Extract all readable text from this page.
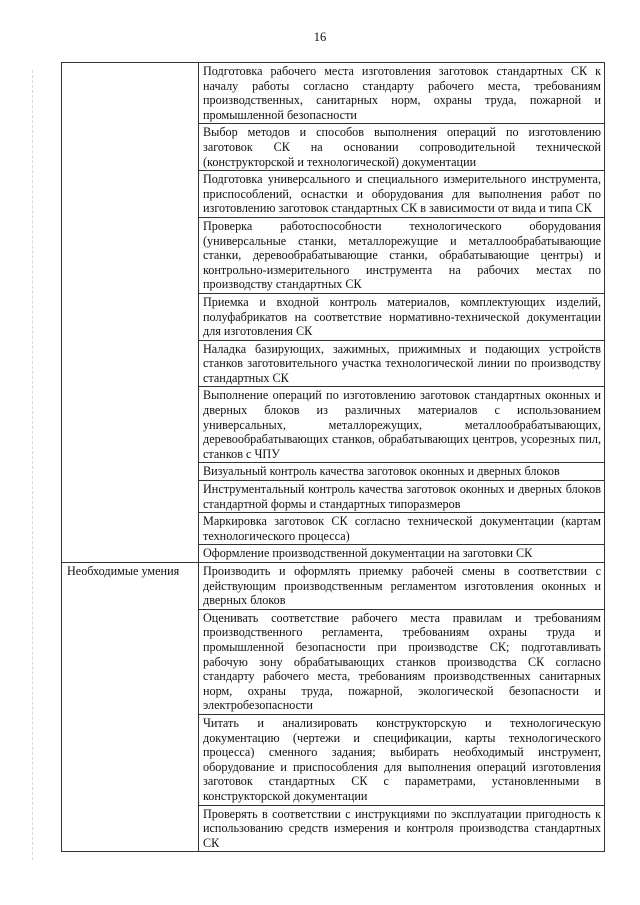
16
	Подготовка рабочего места изготовления заготовок стандартных СК к началу работы согласно стандарту рабочего места, требованиям производственных, санитарных норм, охраны труда, пожарной и промышленной безопасности
	Выбор методов и способов выполнения операций по изготовлению заготовок СК на основании сопроводительной технической (конструкторской и технологической) документации
	Подготовка универсального и специального измерительного инструмента, приспособлений, оснастки и оборудования для выполнения работ по изготовлению заготовок стандартных СК в зависимости от вида и типа СК
	Проверка работоспособности технологического оборудования (универсальные станки, металлорежущие и металлообрабатывающие станки, деревообрабатывающие станки, обрабатывающие центры) и контрольно-измерительного инструмента на рабочих местах по производству стандартных СК
	Приемка и входной контроль материалов, комплектующих изделий, полуфабрикатов на соответствие нормативно-технической документации для изготовления СК
	Наладка базирующих, зажимных, прижимных и подающих устройств станков заготовительного участка технологической линии по производству стандартных СК
	Выполнение операций по изготовлению заготовок стандартных оконных и дверных блоков из различных материалов с использованием универсальных, металлорежущих, металлообрабатывающих, деревообрабатывающих станков, обрабатывающих центров, усорезных пил, станков с ЧПУ
	Визуальный контроль качества заготовок оконных и дверных блоков
	Инструментальный контроль качества заготовок оконных и дверных блоков стандартной формы и стандартных типоразмеров
	Маркировка заготовок СК согласно технической документации (картам технологического процесса)
	Оформление производственной документации на заготовки СК
Необходимые умения	Производить и оформлять приемку рабочей смены в соответствии с действующим производственным регламентом изготовления оконных и дверных блоков
	Оценивать соответствие рабочего места правилам и требованиям производственного регламента, требованиям охраны труда и промышленной безопасности при производстве СК; подготавливать рабочую зону обрабатывающих станков производства СК согласно стандарту рабочего места, требованиям производственных санитарных норм, охраны труда, пожарной, экологической безопасности и электробезопасности
	Читать и анализировать конструкторскую и технологическую документацию (чертежи и спецификации, карты технологического процесса) сменного задания; выбирать необходимый инструмент, оборудование и приспособления для выполнения операций изготовления заготовок стандартных СК с параметрами, установленными в конструкторской документации
	Проверять в соответствии с инструкциями по эксплуатации пригодность к использованию средств измерения и контроля производства стандартных СК
